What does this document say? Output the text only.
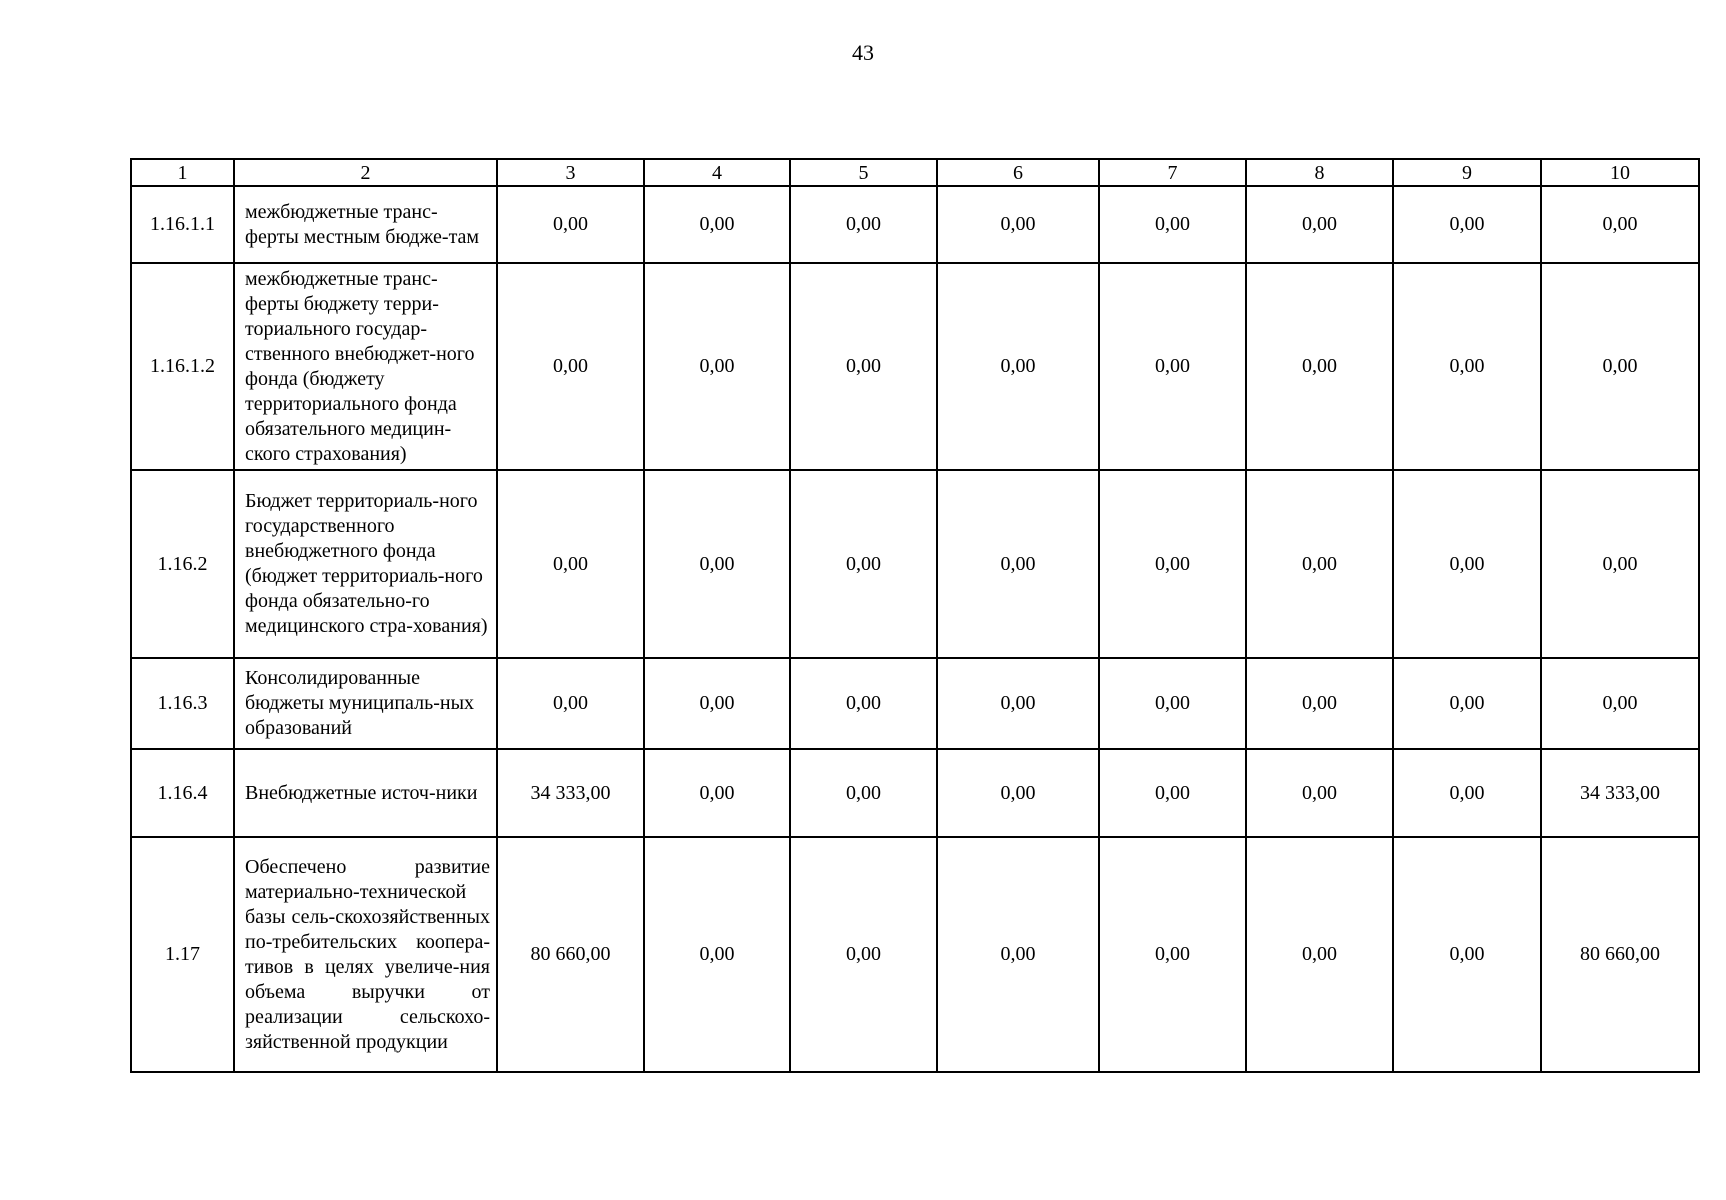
43
1	2	3	4	5	6	7	8	9	10
1.16.1.1	межбюджетные транс-ферты местным бюдже-там	0,00	0,00	0,00	0,00	0,00	0,00	0,00	0,00
1.16.1.2	межбюджетные транс-ферты бюджету терри-ториального государ-ственного внебюджет-ного фонда (бюджету территориального фонда обязательного медицин-ского страхования)	0,00	0,00	0,00	0,00	0,00	0,00	0,00	0,00
1.16.2	Бюджет территориаль-ного государственного внебюджетного фонда (бюджет территориаль-ного фонда обязательно-го медицинского стра-хования)	0,00	0,00	0,00	0,00	0,00	0,00	0,00	0,00
1.16.3	Консолидированные бюджеты муниципаль-ных образований	0,00	0,00	0,00	0,00	0,00	0,00	0,00	0,00
1.16.4	Внебюджетные источ-ники	34 333,00	0,00	0,00	0,00	0,00	0,00	0,00	34 333,00
1.17	Обеспечено развитие материально-технической базы сель-скохозяйственных по-требительских коопера-тивов в целях увеличе-ния объема выручки от реализации сельскохо-зяйственной продукции	80 660,00	0,00	0,00	0,00	0,00	0,00	0,00	80 660,00
